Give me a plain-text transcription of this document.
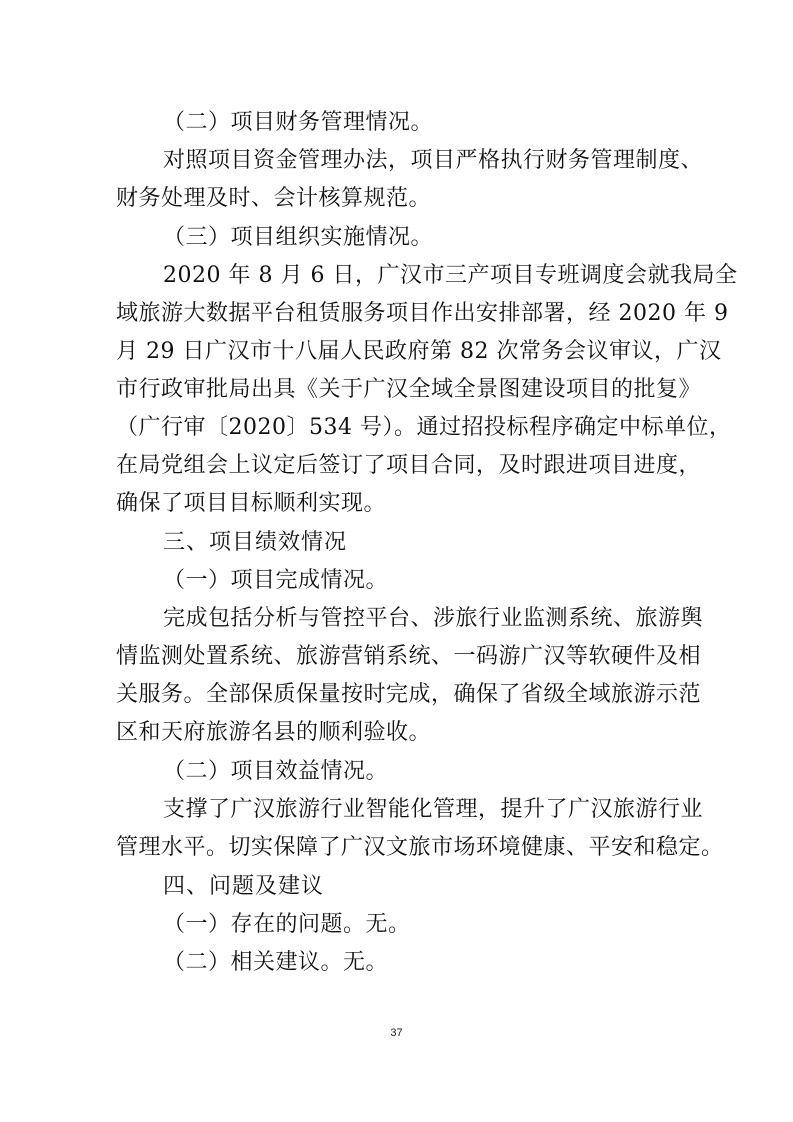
（二）项目财务管理情况。
对照项目资金管理办法，项目严格执行财务管理制度、
财务处理及时、会计核算规范。
（三）项目组织实施情况。
2020 年 8 月 6 日，广汉市三产项目专班调度会就我局全
域旅游大数据平台租赁服务项目作出安排部署，经 2020 年 9
月 29 日广汉市十八届人民政府第 82 次常务会议审议，广汉
市行政审批局出具《关于广汉全域全景图建设项目的批复》
（广行审〔2020〕534 号）。通过招投标程序确定中标单位，
在局党组会上议定后签订了项目合同，及时跟进项目进度，
确保了项目目标顺利实现。
三、项目绩效情况
（一）项目完成情况。
完成包括分析与管控平台、涉旅行业监测系统、旅游舆
情监测处置系统、旅游营销系统、一码游广汉等软硬件及相
关服务。全部保质保量按时完成，确保了省级全域旅游示范
区和天府旅游名县的顺利验收。
（二）项目效益情况。
支撑了广汉旅游行业智能化管理，提升了广汉旅游行业
管理水平。切实保障了广汉文旅市场环境健康、平安和稳定。
四、问题及建议
（一）存在的问题。无。
（二）相关建议。无。
37
